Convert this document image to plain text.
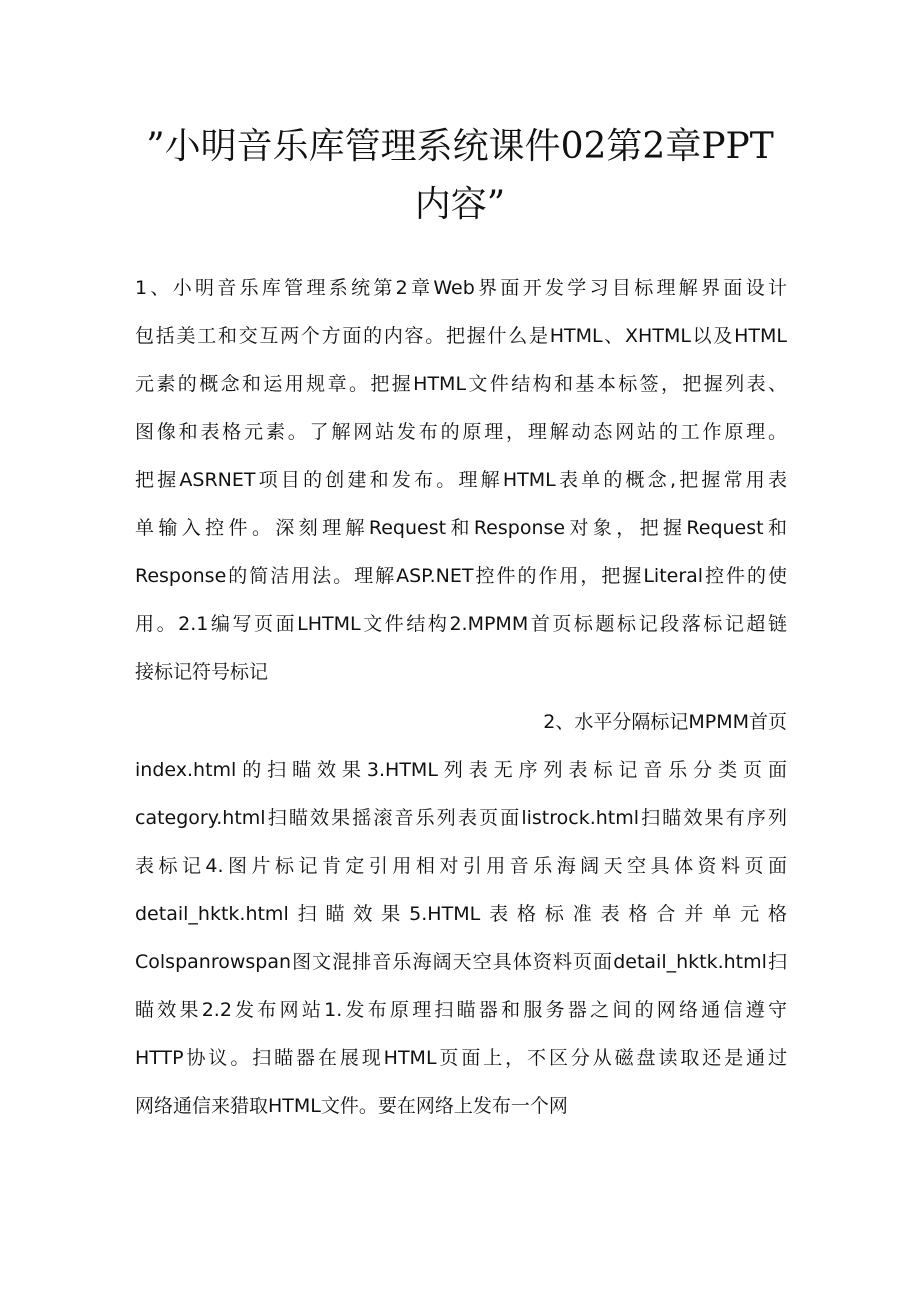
”小明音乐库管理系统课件02第2章PPT
内容”

1、小明音乐库管理系统第2章Web界面开发学习目标理解界面设计

包括美工和交互两个方面的内容。把握什么是HTML、XHTML以及HTML

元素的概念和运用规章。把握HTML文件结构和基本标签，把握列表、

图像和表格元素。了解网站发布的原理，理解动态网站的工作原理。

把握ASRNET项目的创建和发布。理解HTML表单的概念,把握常用表

单输入控件。深刻理解Request和Response对象，把握Request和

Response的简洁用法。理解ASP.NET控件的作用，把握Literal控件的使

用。2.1编写页面LHTML文件结构2.MPMM首页标题标记段落标记超链

接标记符号标记

2、水平分隔标记MPMM首页

index.html的扫瞄效果3.HTML列表无序列表标记音乐分类页面

category.html扫瞄效果摇滚音乐列表页面listrock.html扫瞄效果有序列

表标记4.图片标记肯定引用相对引用音乐海阔天空具体资料页面

detail_hktk.html扫瞄效果5.HTML表格标准表格合并单元格

Colspanrowspan图文混排音乐海阔天空具体资料页面detail_hktk.html扫

瞄效果2.2发布网站1.发布原理扫瞄器和服务器之间的网络通信遵守

HTTP协议。扫瞄器在展现HTML页面上，不区分从磁盘读取还是通过

网络通信来猎取HTML文件。要在网络上发布一个网
